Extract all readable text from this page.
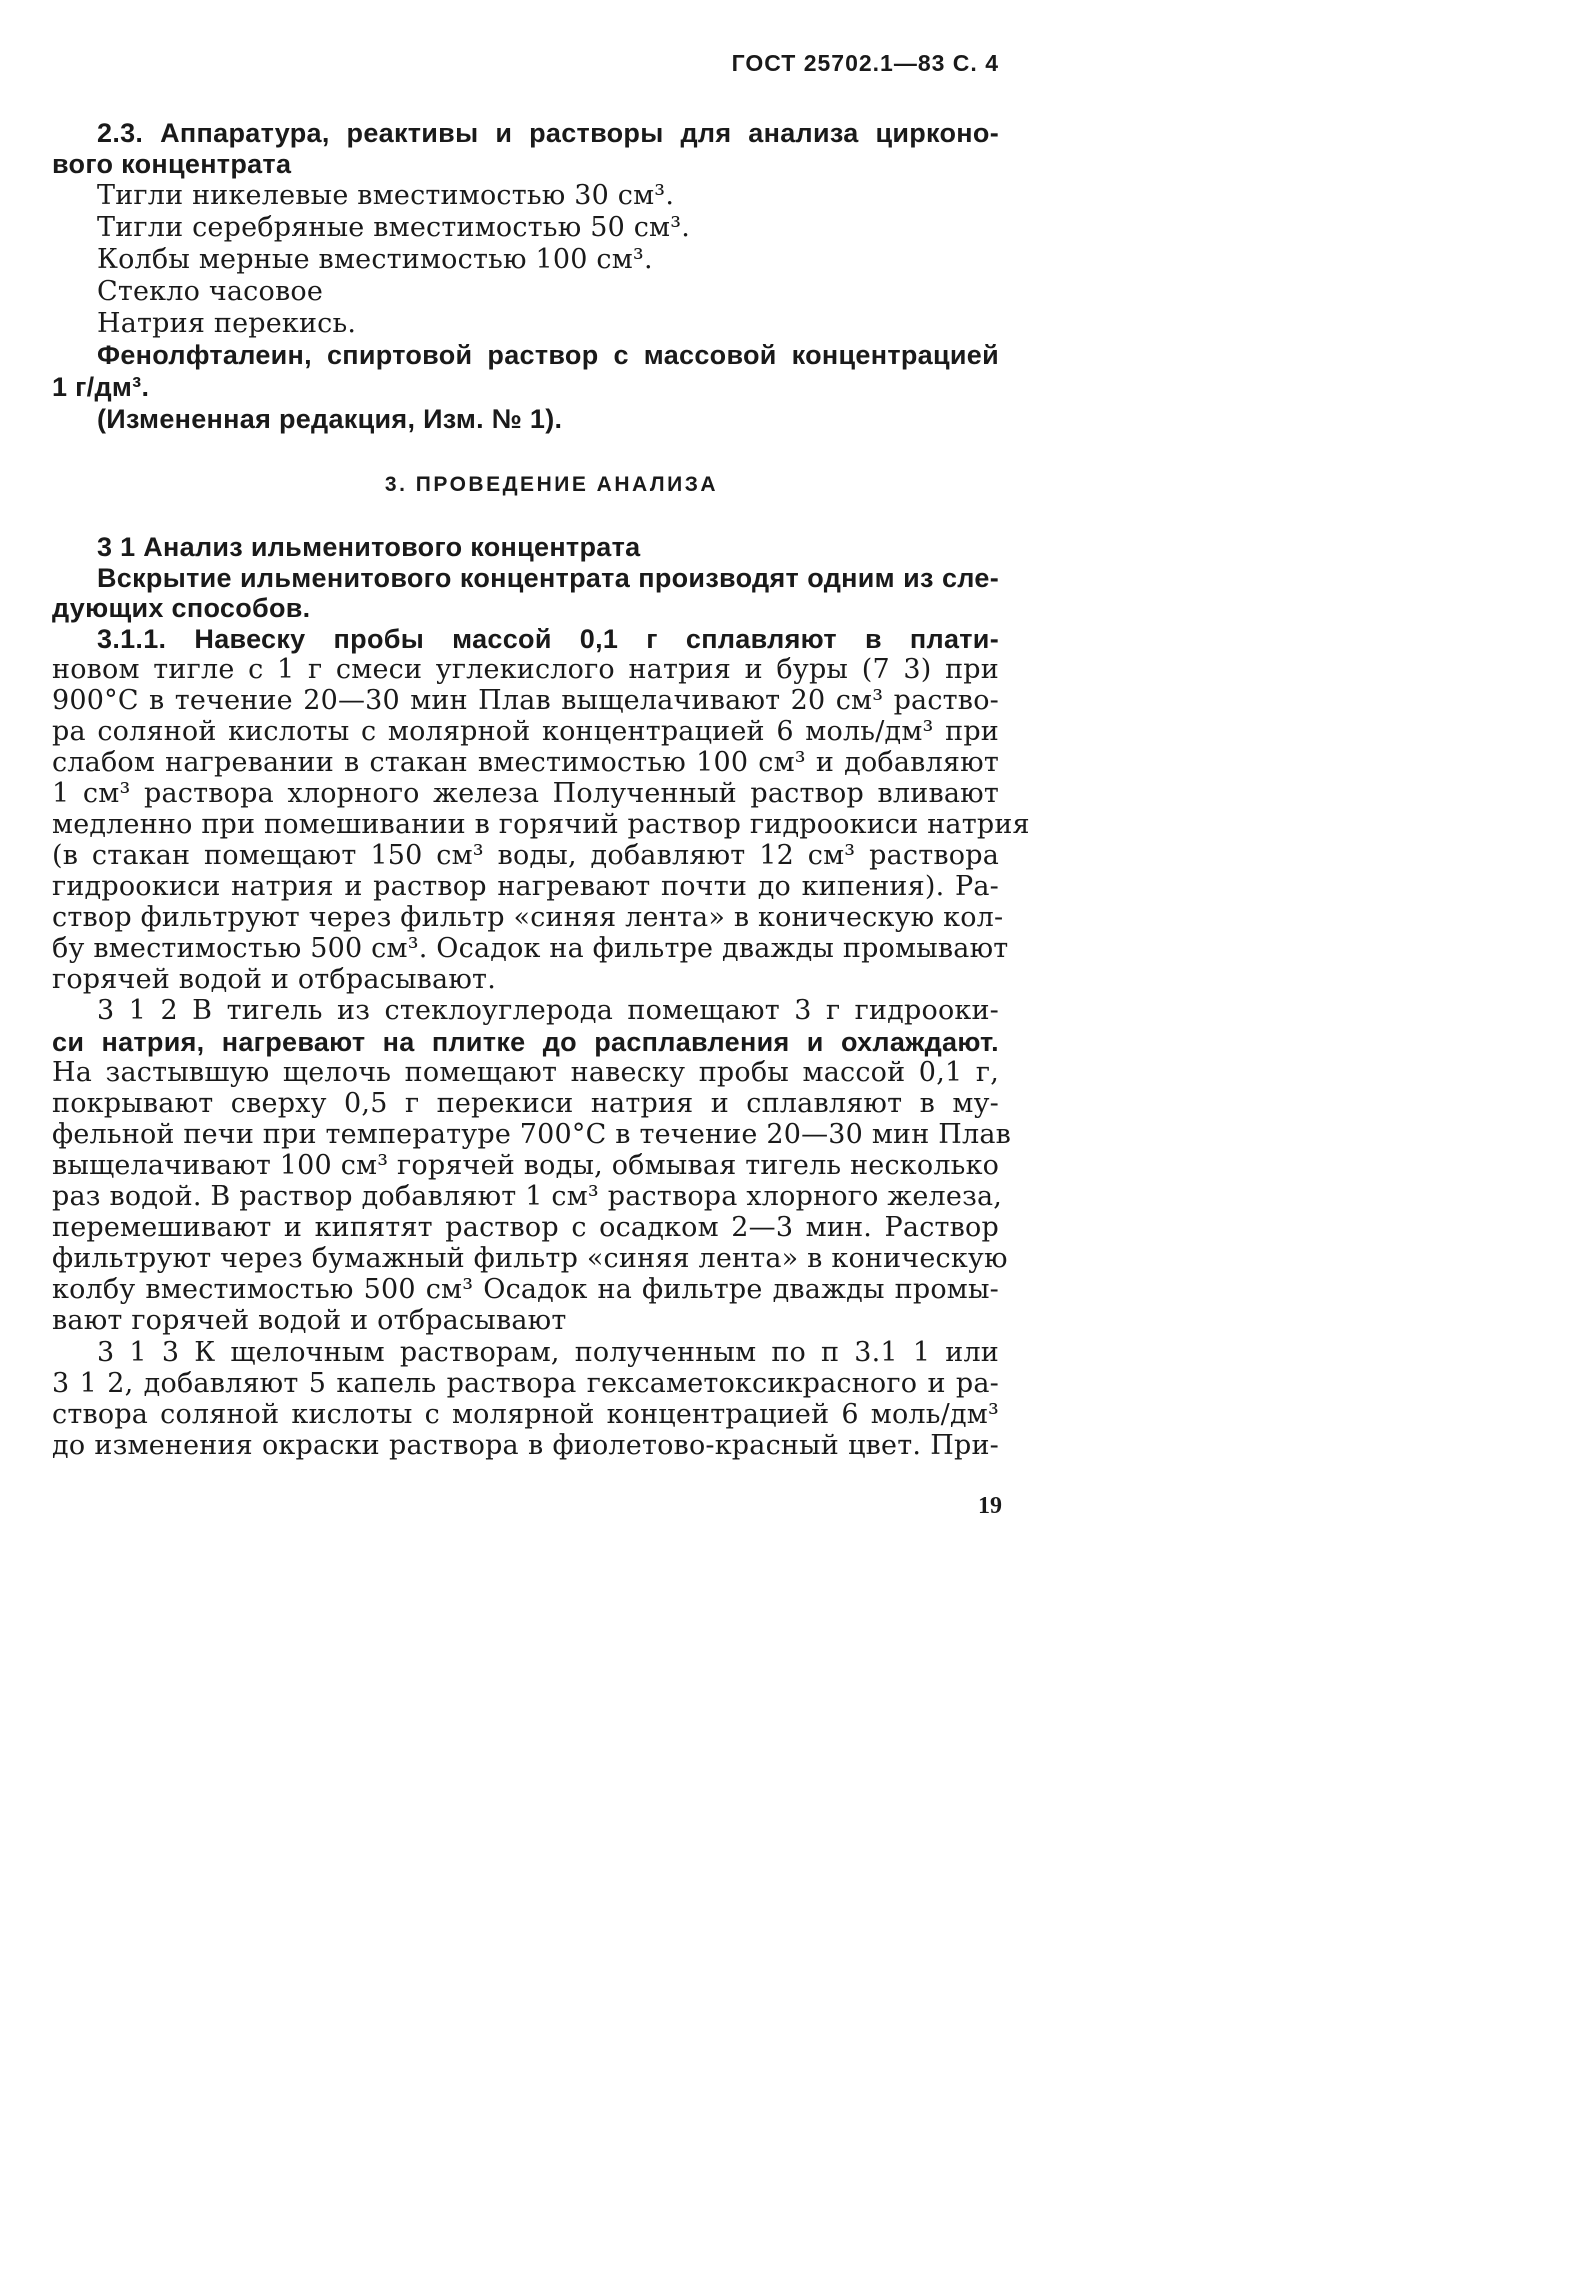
ГОСТ 25702.1—83 С. 4
2.3. Аппаратура, реактивы и растворы для анализа цирконо-
вого концентрата
Тигли никелевые вместимостью 30 см³.
Тигли серебряные вместимостью 50 см³.
Колбы мерные вместимостью 100 см³.
Стекло часовое
Натрия перекись.
Фенолфталеин, спиртовой раствор с массовой концентрацией
1 г/дм³.
(Измененная редакция, Изм. № 1).
3. ПРОВЕДЕНИЕ АНАЛИЗА
3 1 Анализ ильменитового концентрата
Вскрытие ильменитового концентрата производят одним из сле-
дующих способов.
3.1.1. Навеску пробы массой 0,1 г сплавляют в плати-
новом тигле с 1 г смеси углекислого натрия и буры (7 3) при
900°С в течение 20—30 мин Плав выщелачивают 20 см³ раство-
ра соляной кислоты с молярной концентрацией 6 моль/дм³ при
слабом нагревании в стакан вместимостью 100 см³ и добавляют
1 см³ раствора хлорного железа Полученный раствор вливают
медленно при помешивании в горячий раствор гидроокиси натрия
(в стакан помещают 150 см³ воды, добавляют 12 см³ раствора
гидроокиси натрия и раствор нагревают почти до кипения). Ра-
створ фильтруют через фильтр «синяя лента» в коническую кол-
бу вместимостью 500 см³. Осадок на фильтре дважды промывают
горячей водой и отбрасывают.
3 1 2 В тигель из стеклоуглерода помещают 3 г гидрооки-
си натрия, нагревают на плитке до расплавления и охлаждают.
На застывшую щелочь помещают навеску пробы массой 0,1 г,
покрывают сверху 0,5 г перекиси натрия и сплавляют в му-
фельной печи при температуре 700°С в течение 20—30 мин Плав
выщелачивают 100 см³ горячей воды, обмывая тигель несколько
раз водой. В раствор добавляют 1 см³ раствора хлорного железа,
перемешивают и кипятят раствор с осадком 2—3 мин. Раствор
фильтруют через бумажный фильтр «синяя лента» в коническую
колбу вместимостью 500 см³ Осадок на фильтре дважды промы-
вают горячей водой и отбрасывают
3 1 3 К щелочным растворам, полученным по п 3.1 1 или
3 1 2, добавляют 5 капель раствора гексаметоксикрасного и ра-
створа соляной кислоты с молярной концентрацией 6 моль/дм³
до изменения окраски раствора в фиолетово-красный цвет. При-
19
